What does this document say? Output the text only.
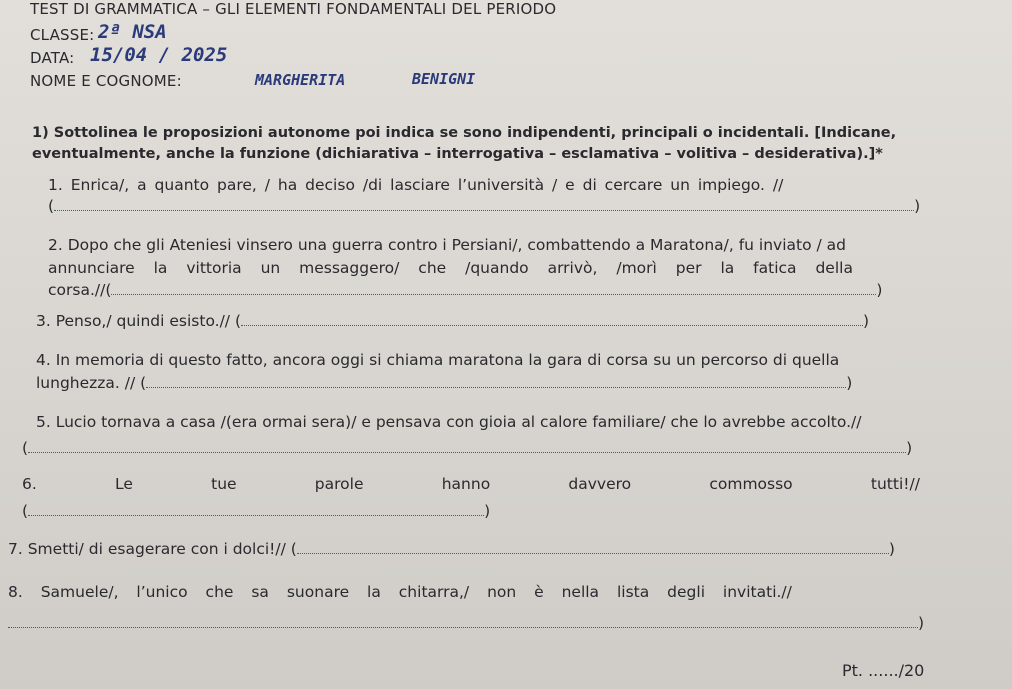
TEST DI GRAMMATICA – GLI ELEMENTI FONDAMENTALI DEL PERIODO
CLASSE: 2ª NSA
DATA: 15/04 / 2025
NOME E COGNOME:	MARGHERITA	BENIGNI
1) Sottolinea le proposizioni autonome poi indica se sono indipendenti, principali o incidentali. [Indicane,
eventualmente, anche la funzione (dichiarativa – interrogativa – esclamativa – volitiva – desiderativa).]*
1. Enrica/, a quanto pare, / ha deciso /di lasciare l’università / e di cercare un impiego. //
(	)
2. Dopo che gli Ateniesi vinsero una guerra contro i Persiani/, combattendo a Maratona/, fu inviato / ad
annunciare la vittoria un messaggero/ che /quando arrivò, /morì per la fatica della
corsa.//(	)
3. Penso,/ quindi esisto.// (	)
4. In memoria di questo fatto, ancora oggi si chiama maratona la gara di corsa su un percorso di quella
lunghezza. // (	)
5. Lucio tornava a casa /(era ormai sera)/ e pensava con gioia al calore familiare/ che lo avrebbe accolto.//
(	)
6.	Le	tue	parole	hanno	davvero	commosso	tutti!//
(	)
7. Smetti/ di esagerare con i dolci!// (	)
8. Samuele/, l’unico che sa suonare la chitarra,/ non è nella lista degli invitati.//
)
Pt. ....../20
